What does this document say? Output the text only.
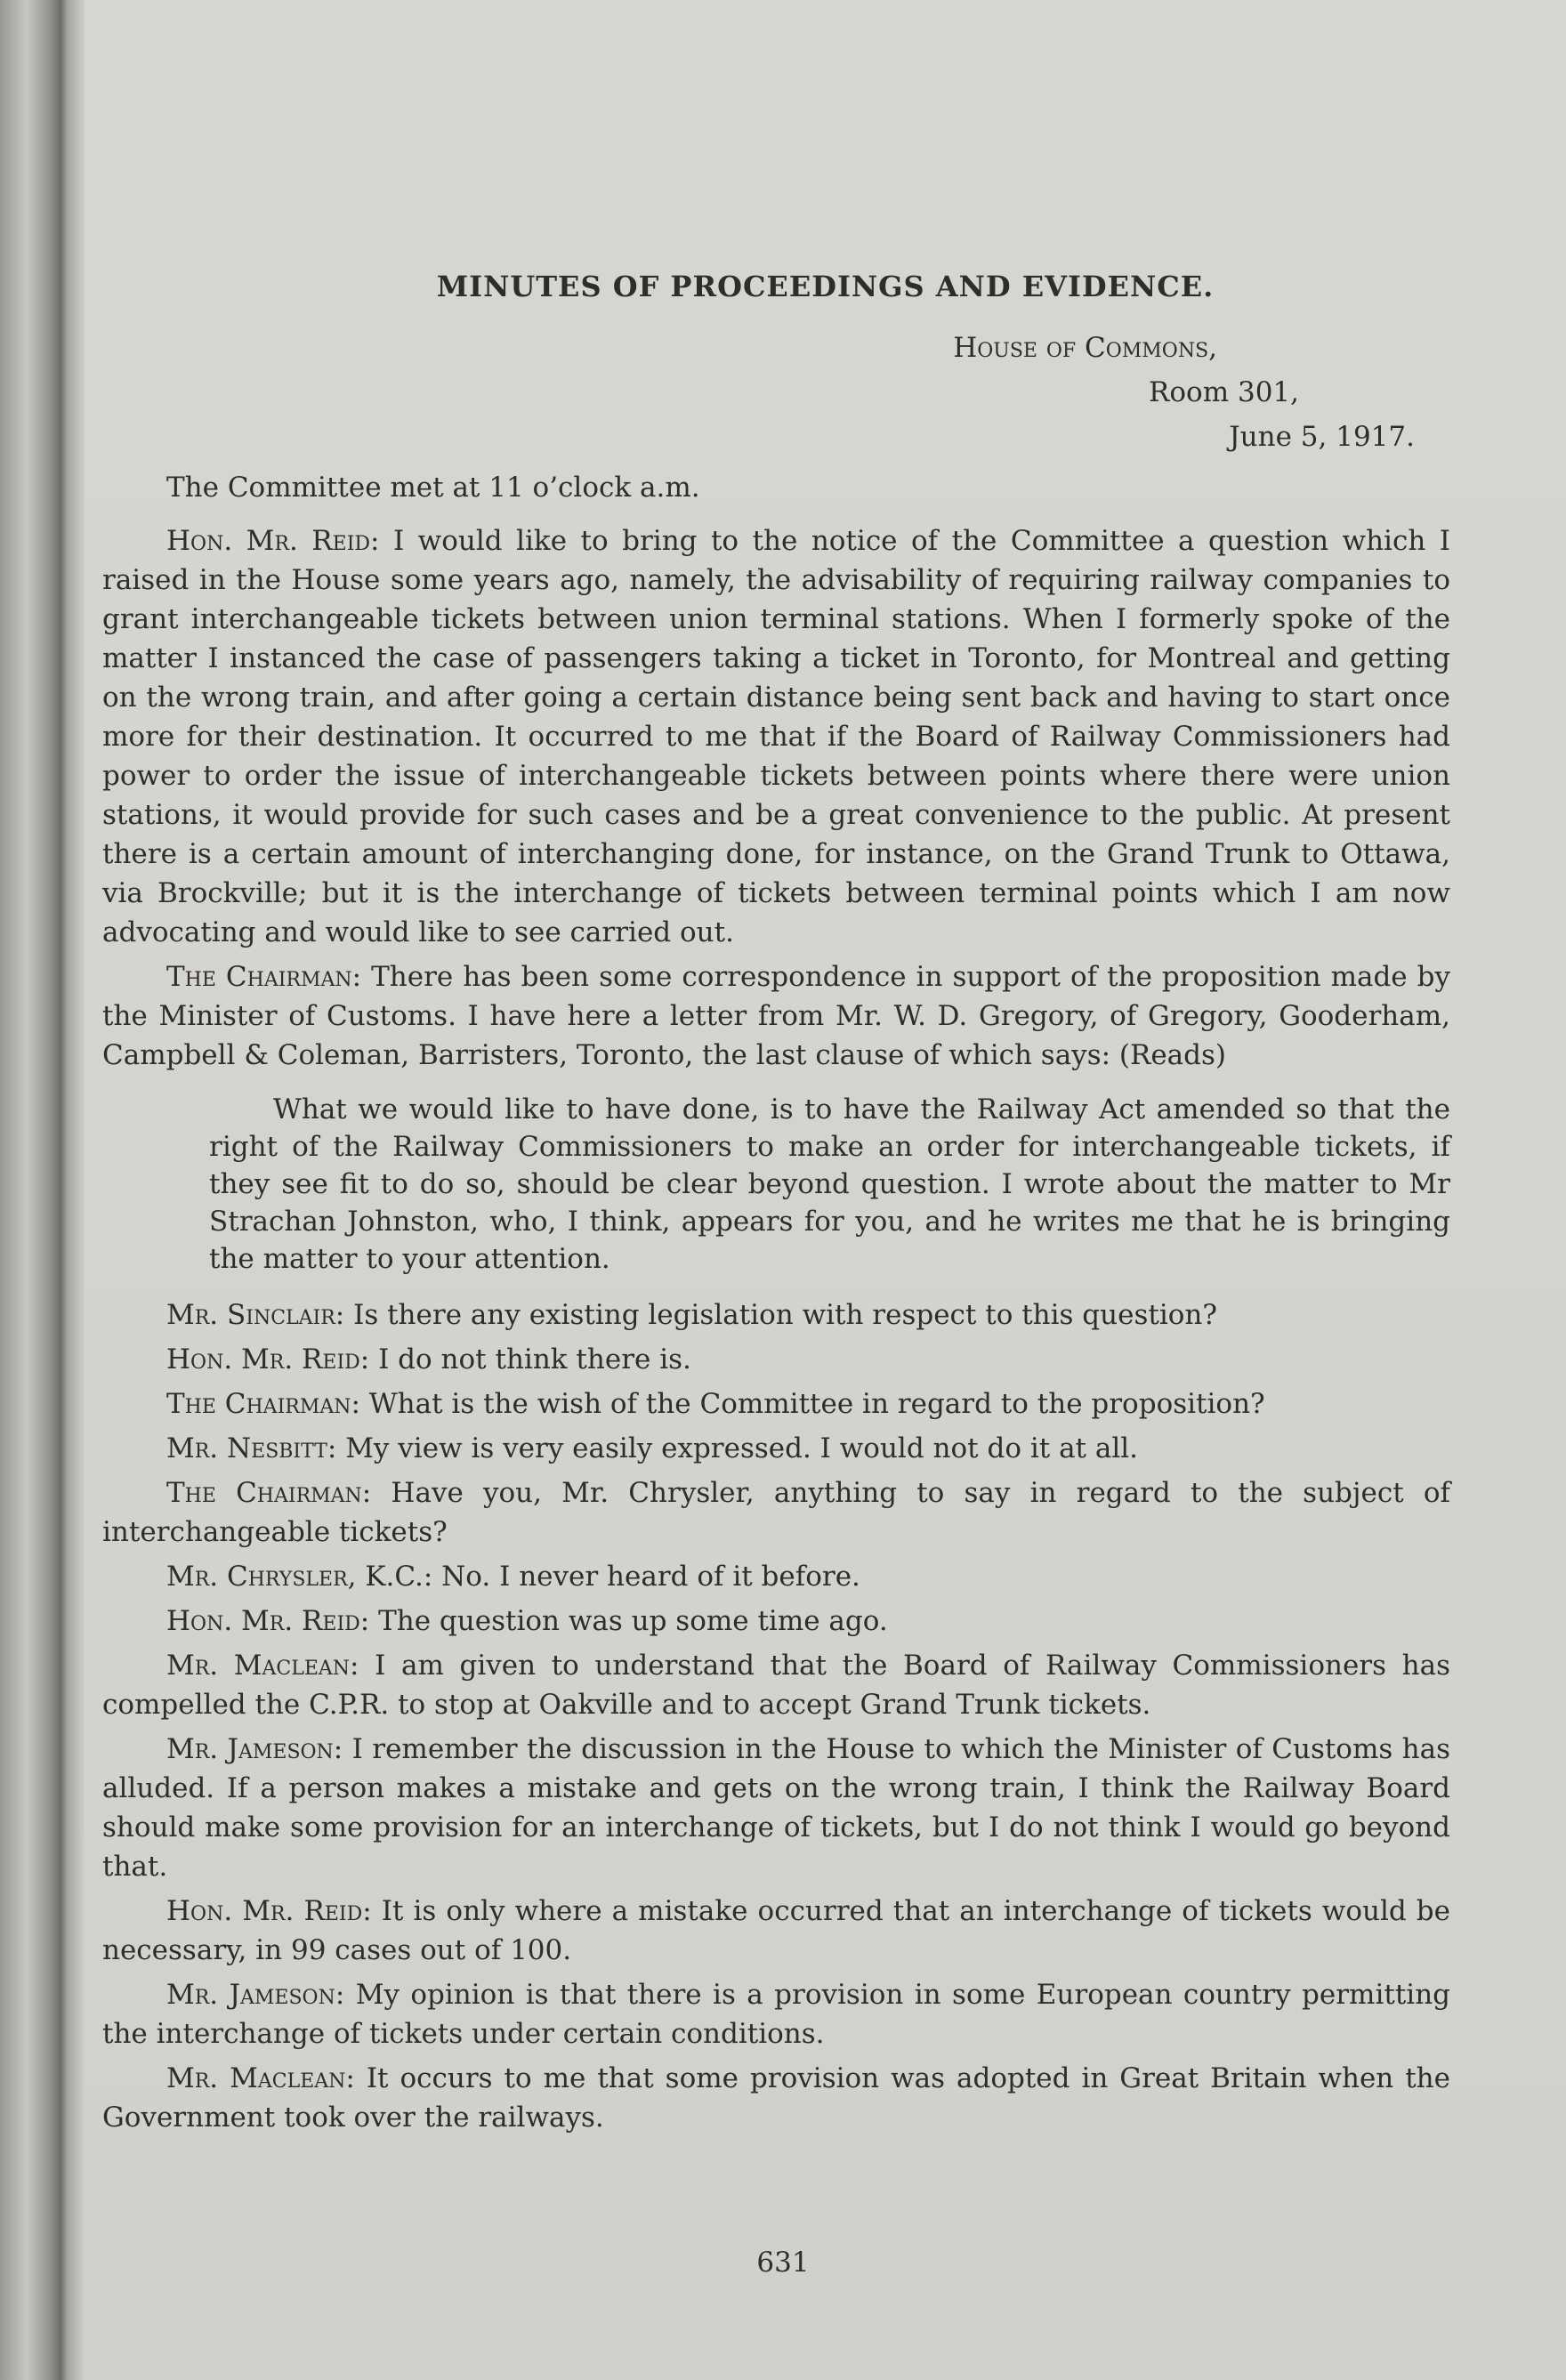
MINUTES OF PROCEEDINGS AND EVIDENCE.
House of Commons,
Room 301,
June 5, 1917.

The Committee met at 11 o’clock a.m.

Hon. Mr. Reid: I would like to bring to the notice of the Committee a question which I raised in the House some years ago, namely, the advisability of requiring railway companies to grant interchangeable tickets between union terminal stations. When I formerly spoke of the matter I instanced the case of passengers taking a ticket in Toronto, for Montreal and getting on the wrong train, and after going a certain distance being sent back and having to start once more for their destination. It occurred to me that if the Board of Railway Commissioners had power to order the issue of interchangeable tickets between points where there were union stations, it would provide for such cases and be a great convenience to the public. At present there is a certain amount of interchanging done, for instance, on the Grand Trunk to Ottawa, via Brockville; but it is the interchange of tickets between terminal points which I am now advocating and would like to see carried out.

The Chairman: There has been some correspondence in support of the proposition made by the Minister of Customs. I have here a letter from Mr. W. D. Gregory, of Gregory, Gooderham, Campbell & Coleman, Barristers, Toronto, the last clause of which says: (Reads)

What we would like to have done, is to have the Railway Act amended so that the right of the Railway Commissioners to make an order for interchangeable tickets, if they see fit to do so, should be clear beyond question. I wrote about the matter to Mr Strachan Johnston, who, I think, appears for you, and he writes me that he is bringing the matter to your attention.

Mr. Sinclair: Is there any existing legislation with respect to this question?

Hon. Mr. Reid: I do not think there is.

The Chairman: What is the wish of the Committee in regard to the proposition?

Mr. Nesbitt: My view is very easily expressed. I would not do it at all.

The Chairman: Have you, Mr. Chrysler, anything to say in regard to the subject of interchangeable tickets?

Mr. Chrysler, K.C.: No. I never heard of it before.

Hon. Mr. Reid: The question was up some time ago.

Mr. Maclean: I am given to understand that the Board of Railway Commissioners has compelled the C.P.R. to stop at Oakville and to accept Grand Trunk tickets.

Mr. Jameson: I remember the discussion in the House to which the Minister of Customs has alluded. If a person makes a mistake and gets on the wrong train, I think the Railway Board should make some provision for an interchange of tickets, but I do not think I would go beyond that.

Hon. Mr. Reid: It is only where a mistake occurred that an interchange of tickets would be necessary, in 99 cases out of 100.

Mr. Jameson: My opinion is that there is a provision in some European country permitting the interchange of tickets under certain conditions.

Mr. Maclean: It occurs to me that some provision was adopted in Great Britain when the Government took over the railways.

631
